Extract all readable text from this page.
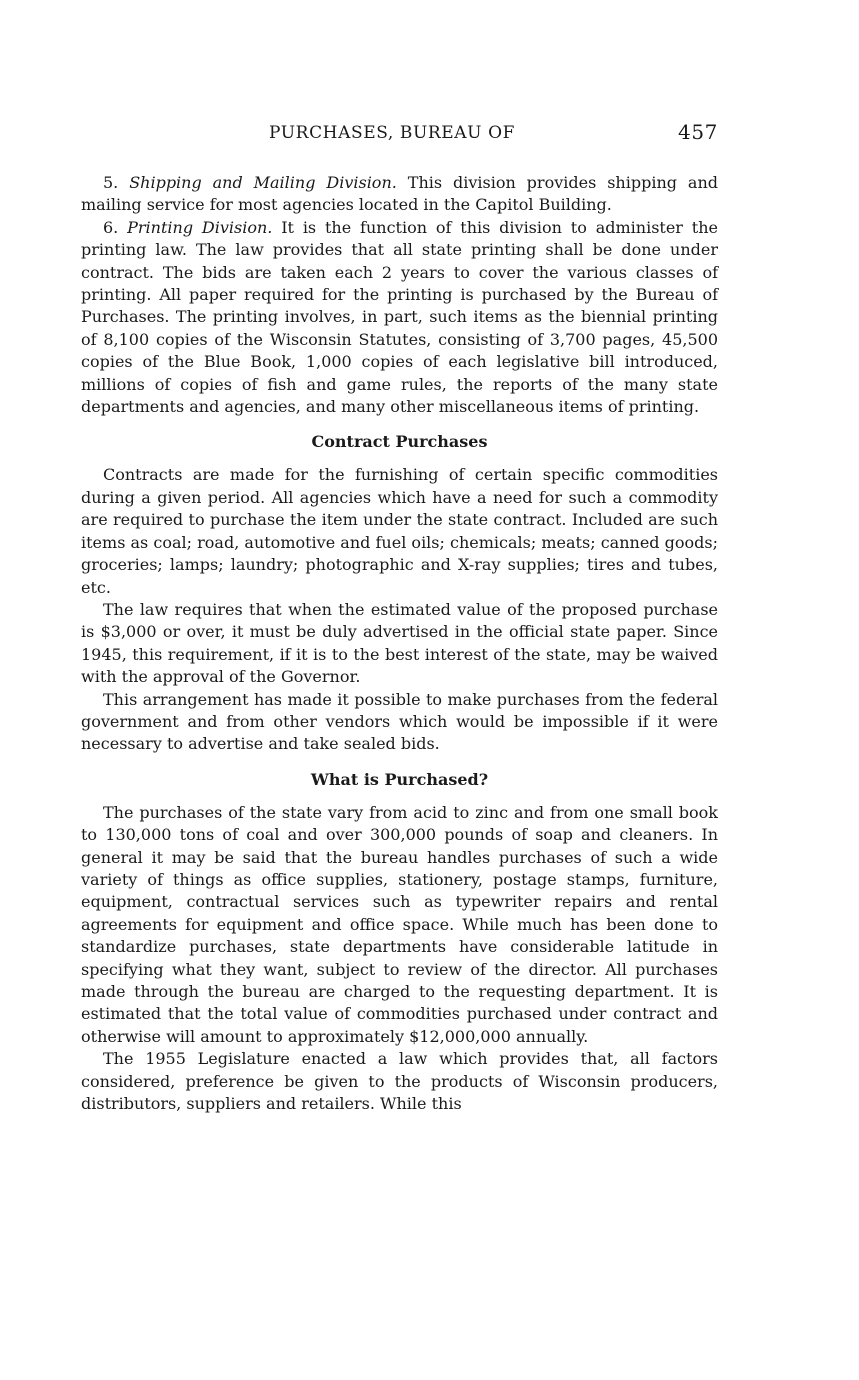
PURCHASES, BUREAU OF	457

5. Shipping and Mailing Division. This division provides shipping and mailing service for most agencies located in the Capitol Building.

6. Printing Division. It is the function of this division to administer the printing law. The law provides that all state printing shall be done under contract. The bids are taken each 2 years to cover the various classes of printing. All paper required for the printing is purchased by the Bureau of Purchases. The printing involves, in part, such items as the biennial printing of 8,100 copies of the Wisconsin Statutes, consisting of 3,700 pages, 45,500 copies of the Blue Book, 1,000 copies of each legislative bill introduced, millions of copies of fish and game rules, the reports of the many state departments and agencies, and many other miscellaneous items of printing.

Contract Purchases

Contracts are made for the furnishing of certain specific commodities during a given period. All agencies which have a need for such a commodity are required to purchase the item under the state contract. Included are such items as coal; road, automotive and fuel oils; chemicals; meats; canned goods; groceries; lamps; laundry; photographic and X-ray supplies; tires and tubes, etc.

The law requires that when the estimated value of the proposed purchase is $3,000 or over, it must be duly advertised in the official state paper. Since 1945, this requirement, if it is to the best interest of the state, may be waived with the approval of the Governor.

This arrangement has made it possible to make purchases from the federal government and from other vendors which would be impossible if it were necessary to advertise and take sealed bids.

What is Purchased?

The purchases of the state vary from acid to zinc and from one small book to 130,000 tons of coal and over 300,000 pounds of soap and cleaners. In general it may be said that the bureau handles purchases of such a wide variety of things as office supplies, stationery, postage stamps, furniture, equipment, contractual services such as typewriter repairs and rental agreements for equipment and office space. While much has been done to standardize purchases, state departments have considerable latitude in specifying what they want, subject to review of the director. All purchases made through the bureau are charged to the requesting department. It is estimated that the total value of commodities purchased under contract and otherwise will amount to approximately $12,000,000 annually.

The 1955 Legislature enacted a law which provides that, all factors considered, preference be given to the products of Wisconsin producers, distributors, suppliers and retailers. While this
